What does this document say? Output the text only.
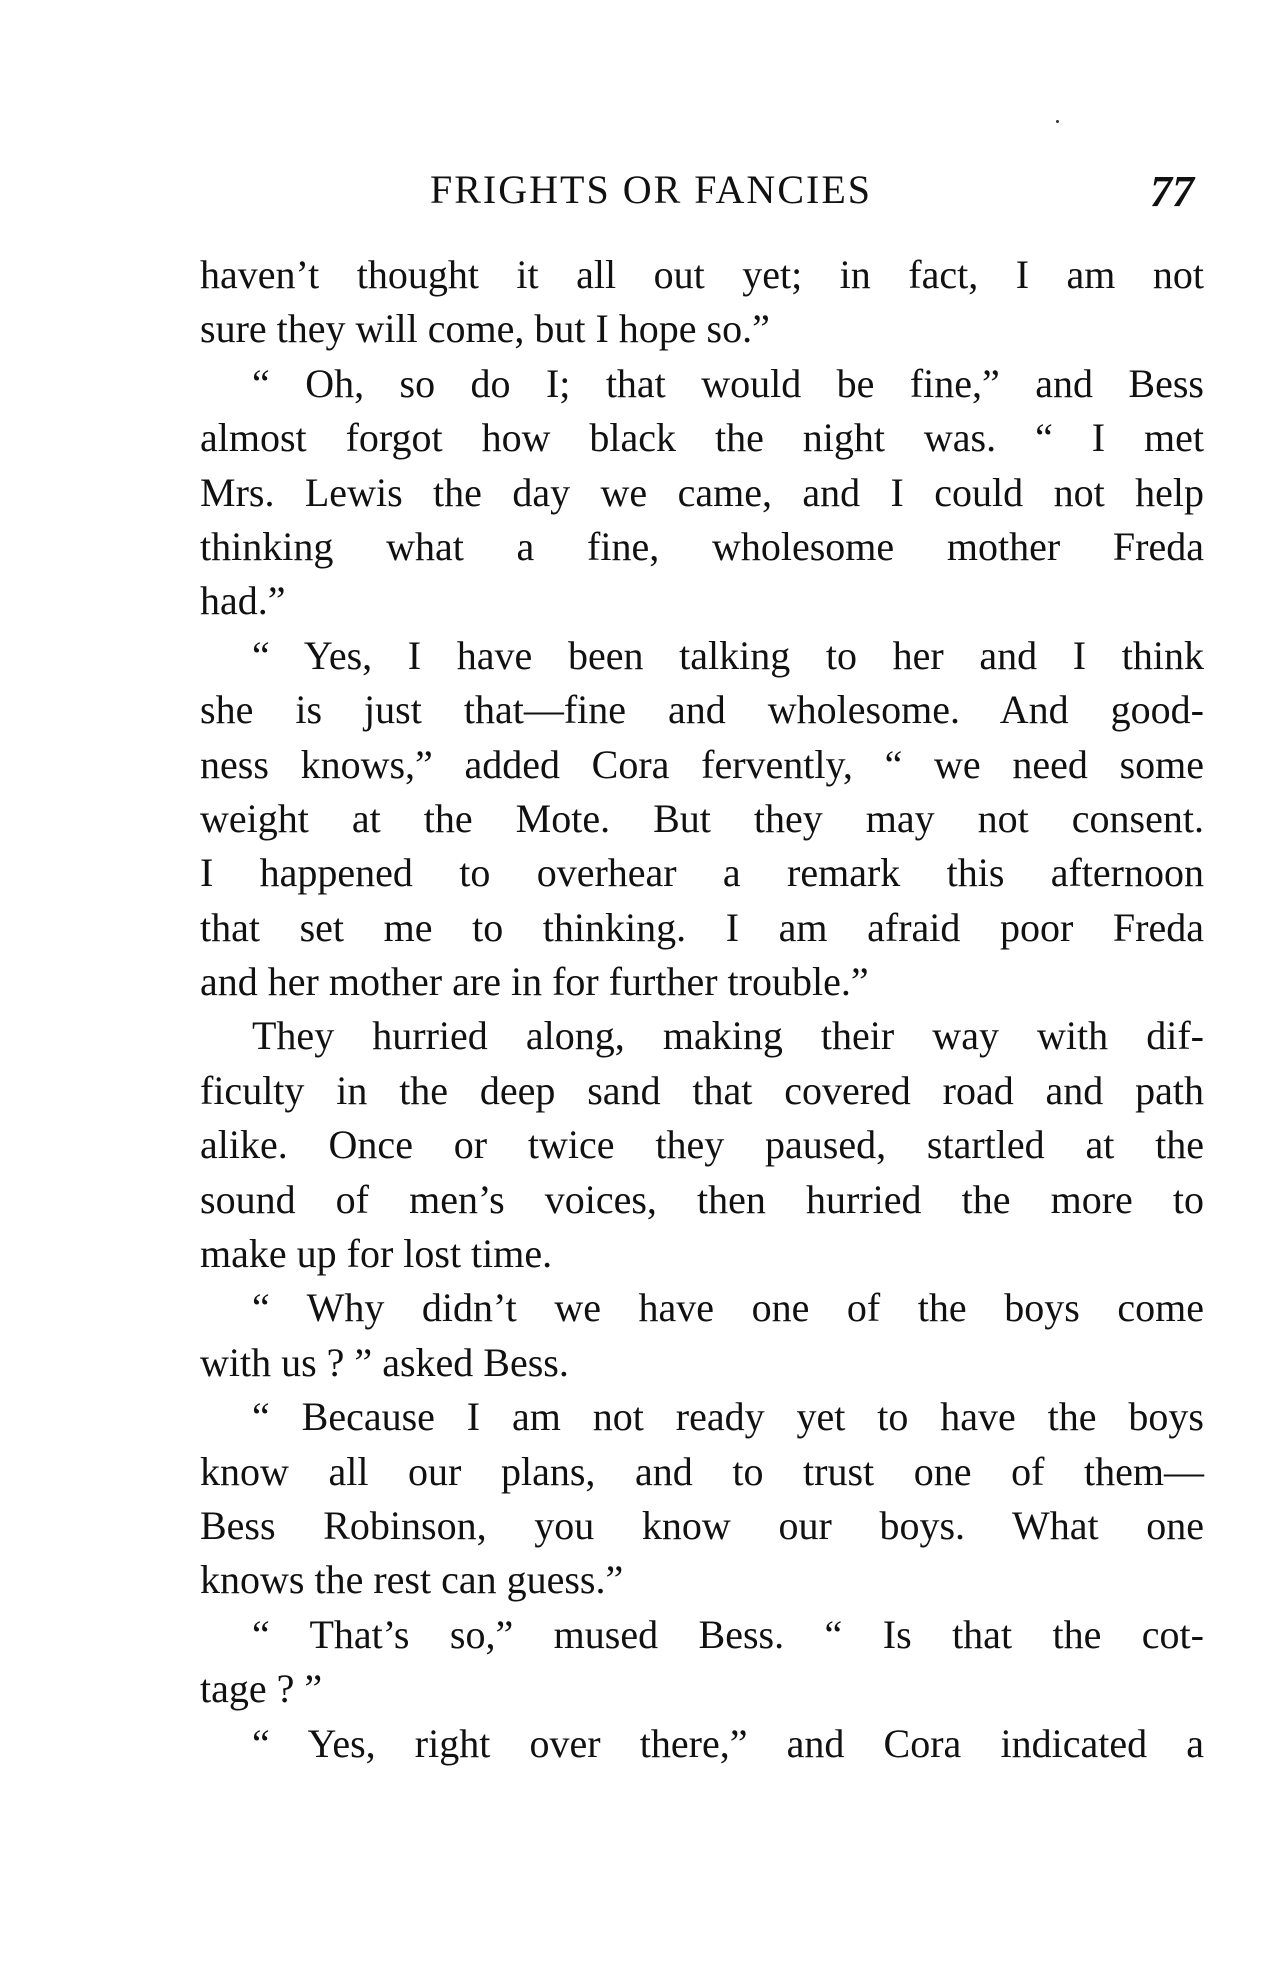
FRIGHTS OR FANCIES	77
haven’t thought it all out yet; in fact, I am not
sure they will come, but I hope so.”
“ Oh, so do I; that would be fine,” and Bess
almost forgot how black the night was. “ I met
Mrs. Lewis the day we came, and I could not help
thinking what a fine, wholesome mother Freda
had.”
“ Yes, I have been talking to her and I think
she is just that—fine and wholesome. And good-
ness knows,” added Cora fervently, “ we need some
weight at the Mote. But they may not consent.
I happened to overhear a remark this afternoon
that set me to thinking. I am afraid poor Freda
and her mother are in for further trouble.”
They hurried along, making their way with dif-
ficulty in the deep sand that covered road and path
alike. Once or twice they paused, startled at the
sound of men’s voices, then hurried the more to
make up for lost time.
“ Why didn’t we have one of the boys come
with us ? ” asked Bess.
“ Because I am not ready yet to have the boys
know all our plans, and to trust one of them—
Bess Robinson, you know our boys. What one
knows the rest can guess.”
“ That’s so,” mused Bess. “ Is that the cot-
tage ? ”
“ Yes, right over there,” and Cora indicated a
